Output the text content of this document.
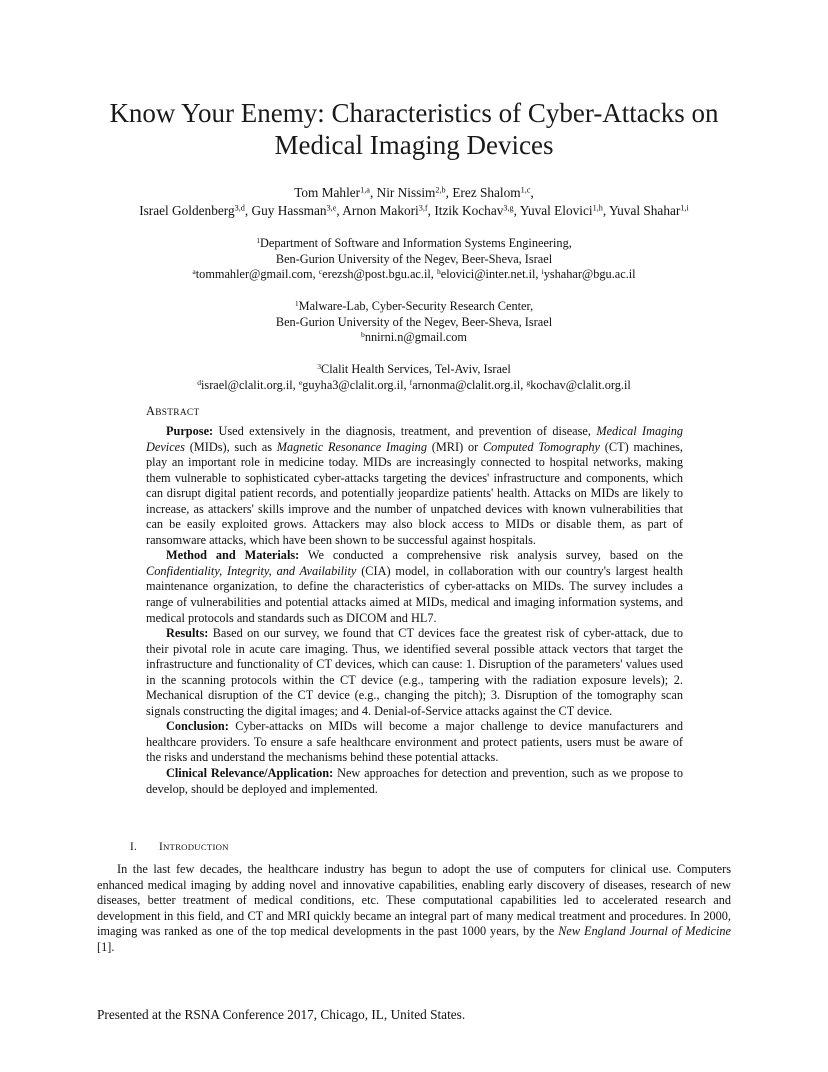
Know Your Enemy: Characteristics of Cyber-Attacks on
Medical Imaging Devices
Tom Mahler$^{1,a}$, Nir Nissim$^{2,b}$, Erez Shalom$^{1,c}$,
Israel Goldenberg$^{3,d}$, Guy Hassman$^{3,e}$, Arnon Makori$^{3,f}$, Itzik Kochav$^{3,g}$, Yuval Elovici$^{1,h}$, Yuval Shahar$^{1,i}$
$^1$Department of Software and Information Systems Engineering,
Ben-Gurion University of the Negev, Beer-Sheva, Israel
$^a$tommahler@gmail.com, $^c$erezsh@post.bgu.ac.il, $^h$elovici@inter.net.il, $^i$yshahar@bgu.ac.il
$^1$Malware-Lab, Cyber-Security Research Center,
Ben-Gurion University of the Negev, Beer-Sheva, Israel
$^b$nnirni.n@gmail.com
$^3$Clalit Health Services, Tel-Aviv, Israel
$^d$israel@clalit.org.il, $^e$guyha3@clalit.org.il, $^f$arnonma@clalit.org.il, $^g$kochav@clalit.org.il
ABSTRACT

Purpose: Used extensively in the diagnosis, treatment, and prevention of disease, Medical Imaging Devices (MIDs), such as Magnetic Resonance Imaging (MRI) or Computed Tomography (CT) machines, play an important role in medicine today. MIDs are increasingly connected to hospital networks, making them vulnerable to sophisticated cyber-attacks targeting the devices' infrastructure and components, which can disrupt digital patient records, and potentially jeopardize patients' health. Attacks on MIDs are likely to increase, as attackers' skills improve and the number of unpatched devices with known vulnerabilities that can be easily exploited grows. Attackers may also block access to MIDs or disable them, as part of ransomware attacks, which have been shown to be successful against hospitals.

Method and Materials: We conducted a comprehensive risk analysis survey, based on the Confidentiality, Integrity, and Availability (CIA) model, in collaboration with our country's largest health maintenance organization, to define the characteristics of cyber-attacks on MIDs. The survey includes a range of vulnerabilities and potential attacks aimed at MIDs, medical and imaging information systems, and medical protocols and standards such as DICOM and HL7.

Results: Based on our survey, we found that CT devices face the greatest risk of cyber-attack, due to their pivotal role in acute care imaging. Thus, we identified several possible attack vectors that target the infrastructure and functionality of CT devices, which can cause: 1. Disruption of the parameters' values used in the scanning protocols within the CT device (e.g., tampering with the radiation exposure levels); 2. Mechanical disruption of the CT device (e.g., changing the pitch); 3. Disruption of the tomography scan signals constructing the digital images; and 4. Denial-of-Service attacks against the CT device.

Conclusion: Cyber-attacks on MIDs will become a major challenge to device manufacturers and healthcare providers. To ensure a safe healthcare environment and protect patients, users must be aware of the risks and understand the mechanisms behind these potential attacks.

Clinical Relevance/Application: New approaches for detection and prevention, such as we propose to develop, should be deployed and implemented.

I. INTRODUCTION

In the last few decades, the healthcare industry has begun to adopt the use of computers for clinical use. Computers enhanced medical imaging by adding novel and innovative capabilities, enabling early discovery of diseases, research of new diseases, better treatment of medical conditions, etc. These computational capabilities led to accelerated research and development in this field, and CT and MRI quickly became an integral part of many medical treatment and procedures. In 2000, imaging was ranked as one of the top medical developments in the past 1000 years, by the New England Journal of Medicine [1].

Presented at the RSNA Conference 2017, Chicago, IL, United States.
